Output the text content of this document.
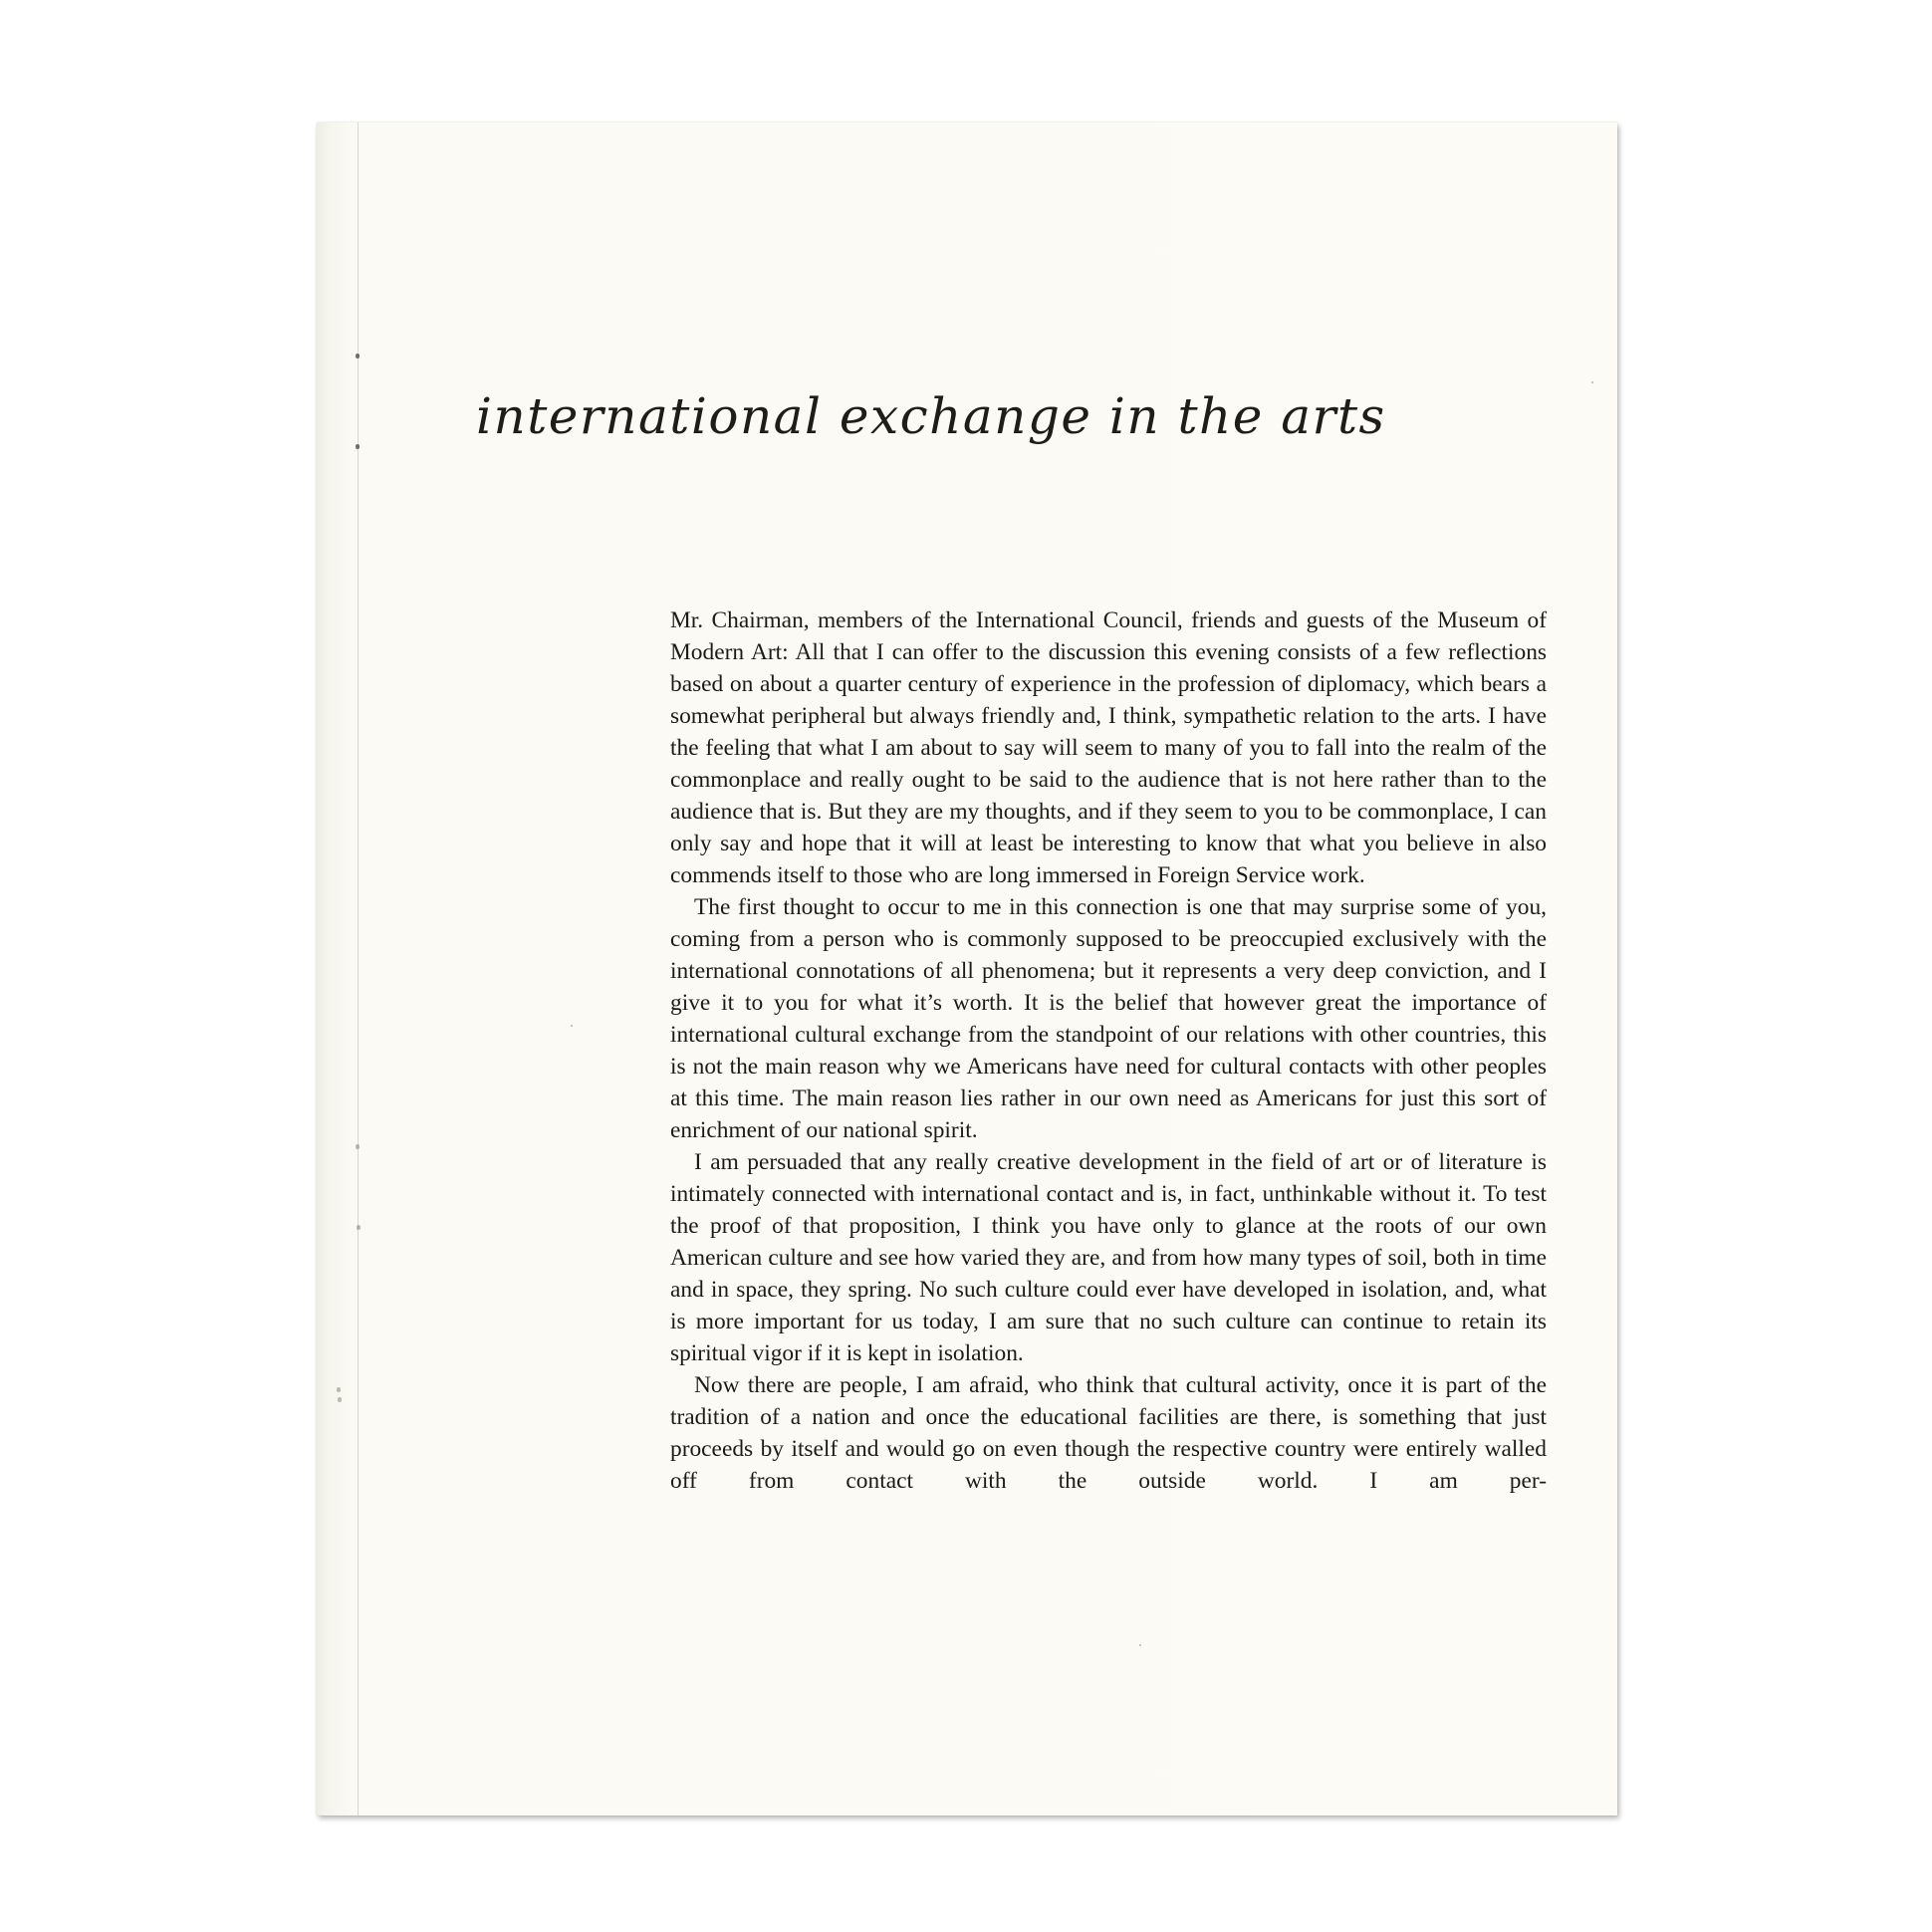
international exchange in the arts

Mr. Chairman, members of the International Council, friends and guests of the Museum of Modern Art: All that I can offer to the discussion this evening consists of a few reflections based on about a quarter century of experience in the profession of diplomacy, which bears a somewhat peripheral but always friendly and, I think, sympathetic relation to the arts. I have the feeling that what I am about to say will seem to many of you to fall into the realm of the commonplace and really ought to be said to the audience that is not here rather than to the audience that is. But they are my thoughts, and if they seem to you to be commonplace, I can only say and hope that it will at least be interesting to know that what you believe in also commends itself to those who are long immersed in Foreign Service work.

The first thought to occur to me in this connection is one that may surprise some of you, coming from a person who is commonly supposed to be preoccupied exclusively with the international connotations of all phenomena; but it represents a very deep conviction, and I give it to you for what it’s worth. It is the belief that however great the importance of international cultural exchange from the standpoint of our relations with other countries, this is not the main reason why we Americans have need for cultural contacts with other peoples at this time. The main reason lies rather in our own need as Americans for just this sort of enrichment of our national spirit.

I am persuaded that any really creative development in the field of art or of literature is intimately connected with international contact and is, in fact, unthinkable without it. To test the proof of that proposition, I think you have only to glance at the roots of our own American culture and see how varied they are, and from how many types of soil, both in time and in space, they spring. No such culture could ever have developed in isolation, and, what is more important for us today, I am sure that no such culture can continue to retain its spiritual vigor if it is kept in isolation.

Now there are people, I am afraid, who think that cultural activity, once it is part of the tradition of a nation and once the educational facilities are there, is something that just proceeds by itself and would go on even though the respective country were entirely walled off from contact with the outside world. I am per-
